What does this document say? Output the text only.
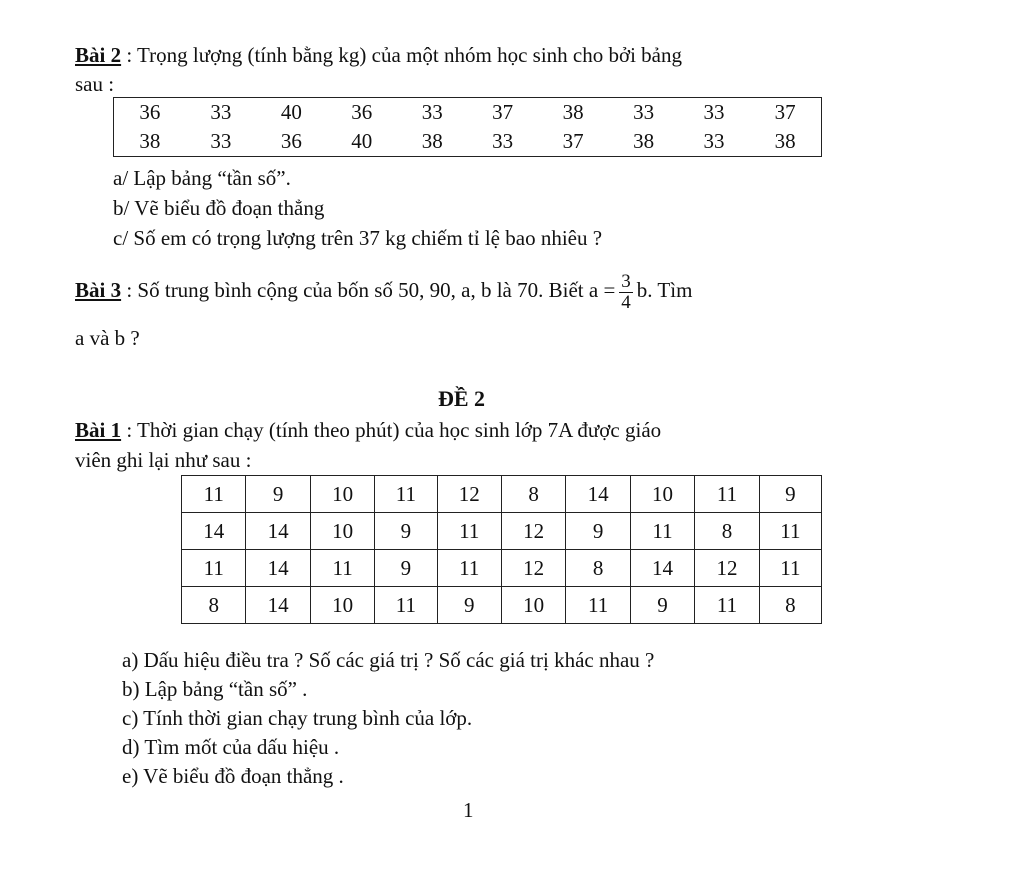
Bài 2 : Trọng lượng (tính bằng kg) của một nhóm học sinh cho bởi bảng
sau :
36	33	40	36	33	37	38	33	33	37
38	33	36	40	38	33	37	38	33	38
a/ Lập bảng “tần số”.
b/ Vẽ biểu đồ đoạn thẳng
c/ Số em có trọng lượng trên 37 kg chiếm tỉ lệ bao nhiêu ?
Bài 3 : Số trung bình cộng của bốn số 50, 90, a, b là 70. Biết $a = \frac{3}{4} b$. Tìm
a và b ?
ĐỀ 2
Bài 1 : Thời gian chạy (tính theo phút) của học sinh lớp 7A được giáo
viên ghi lại như sau :
11	9	10	11	12	8	14	10	11	9
14	14	10	9	11	12	9	11	8	11
11	14	11	9	11	12	8	14	12	11
8	14	10	11	9	10	11	9	11	8
a) Dấu hiệu điều tra ? Số các giá trị ? Số các giá trị khác nhau ?
b) Lập bảng “tần số” .
c) Tính thời gian chạy trung bình của lớp.
d) Tìm mốt của dấu hiệu .
e) Vẽ biểu đồ đoạn thẳng .
1
